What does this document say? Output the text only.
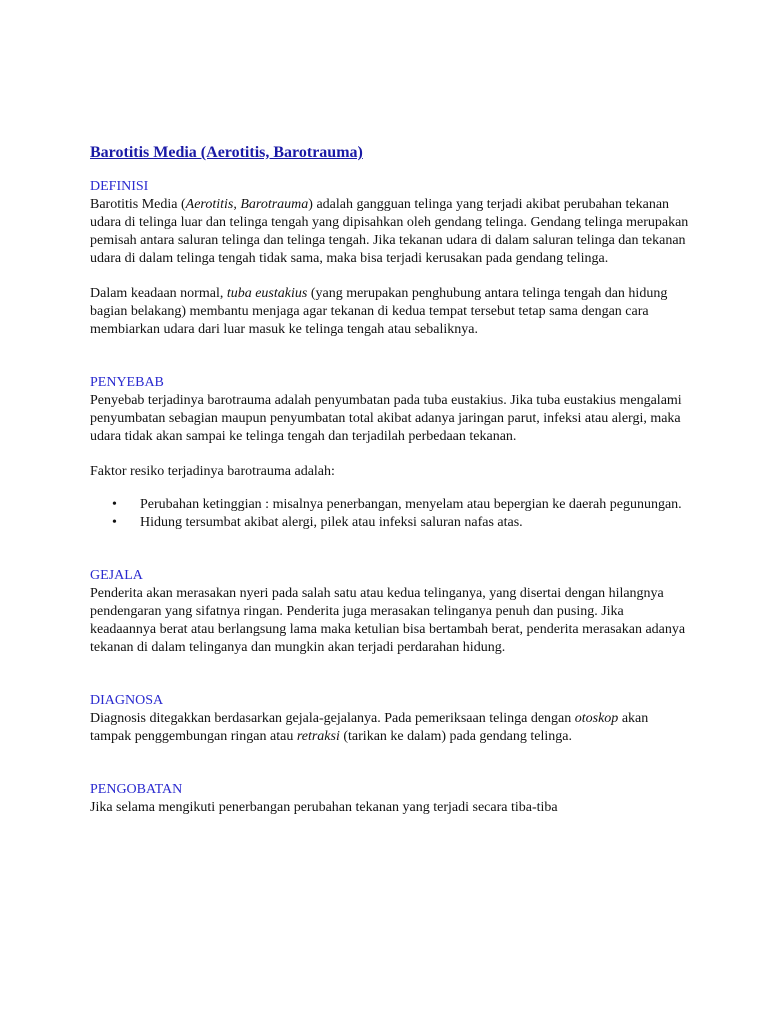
Barotitis Media (Aerotitis, Barotrauma)
DEFINISI

Barotitis Media (Aerotitis, Barotrauma) adalah gangguan telinga yang terjadi akibat perubahan tekanan udara di telinga luar dan telinga tengah yang dipisahkan oleh gendang telinga. Gendang telinga merupakan pemisah antara saluran telinga dan telinga tengah. Jika tekanan udara di dalam saluran telinga dan tekanan udara di dalam telinga tengah tidak sama, maka bisa terjadi kerusakan pada gendang telinga.

Dalam keadaan normal, tuba eustakius (yang merupakan penghubung antara telinga tengah dan hidung bagian belakang) membantu menjaga agar tekanan di kedua tempat tersebut tetap sama dengan cara membiarkan udara dari luar masuk ke telinga tengah atau sebaliknya.

PENYEBAB

Penyebab terjadinya barotrauma adalah penyumbatan pada tuba eustakius. Jika tuba eustakius mengalami penyumbatan sebagian maupun penyumbatan total akibat adanya jaringan parut, infeksi atau alergi, maka udara tidak akan sampai ke telinga tengah dan terjadilah perbedaan tekanan.

Faktor resiko terjadinya barotrauma adalah:

• Perubahan ketinggian : misalnya penerbangan, menyelam atau bepergian ke daerah pegunungan.
• Hidung tersumbat akibat alergi, pilek atau infeksi saluran nafas atas.
GEJALA

Penderita akan merasakan nyeri pada salah satu atau kedua telinganya, yang disertai dengan hilangnya pendengaran yang sifatnya ringan. Penderita juga merasakan telinganya penuh dan pusing. Jika keadaannya berat atau berlangsung lama maka ketulian bisa bertambah berat, penderita merasakan adanya tekanan di dalam telinganya dan mungkin akan terjadi perdarahan hidung.

DIAGNOSA

Diagnosis ditegakkan berdasarkan gejala-gejalanya. Pada pemeriksaan telinga dengan otoskop akan tampak penggembungan ringan atau retraksi (tarikan ke dalam) pada gendang telinga.

PENGOBATAN

Jika selama mengikuti penerbangan perubahan tekanan yang terjadi secara tiba-tiba
